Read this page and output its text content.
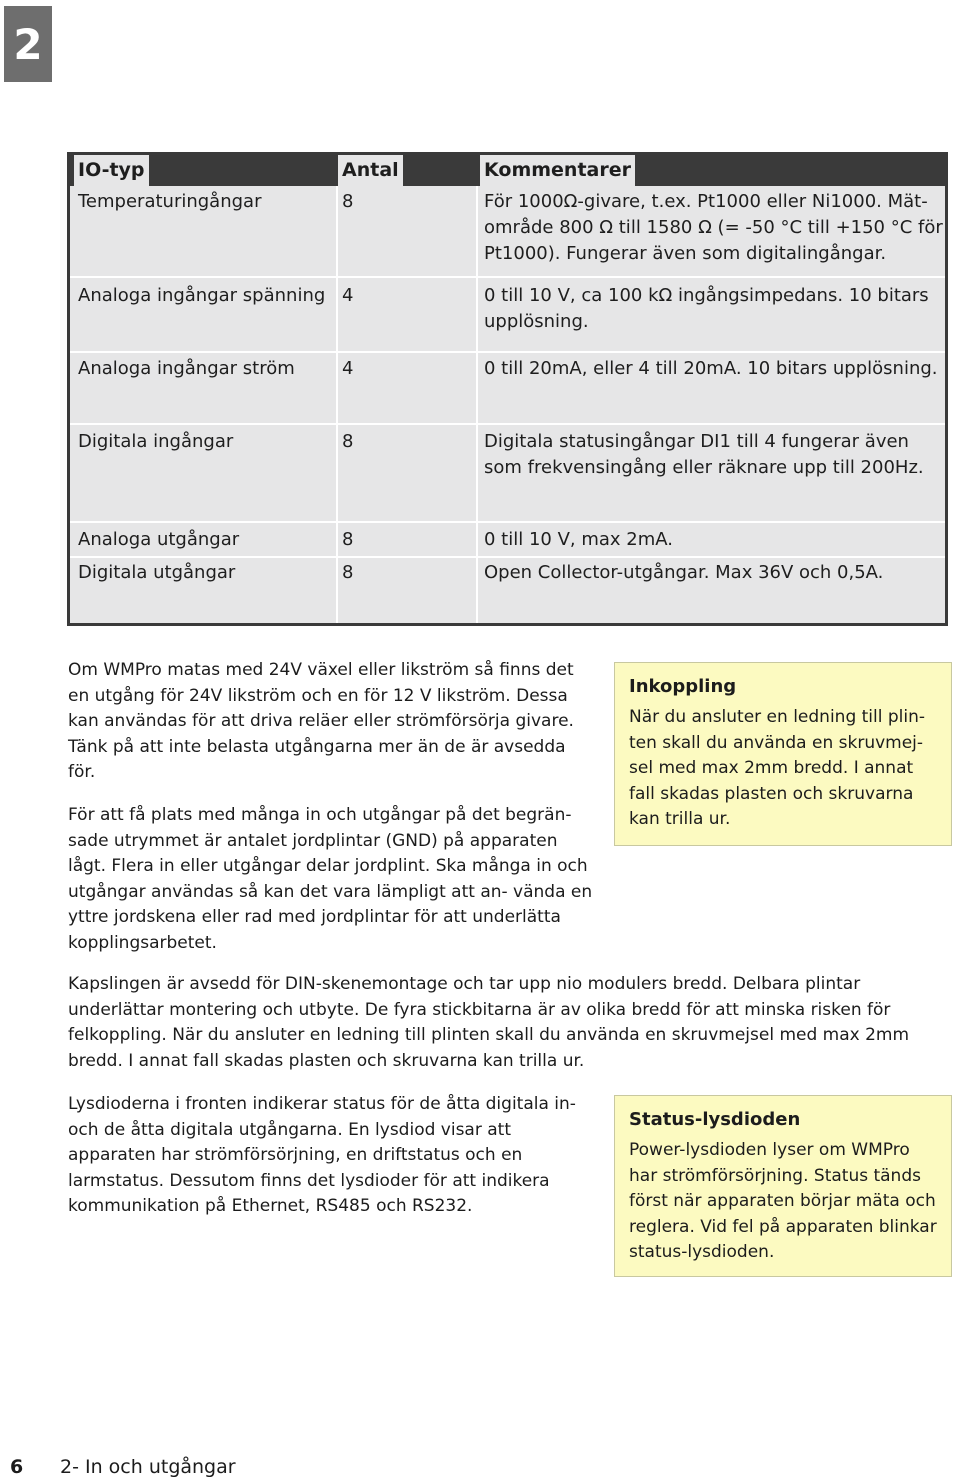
2
IO-typ	Antal	Kommentarer
Temperaturingångar	8	För 1000Ω-givare, t.ex. Pt1000 eller Ni1000. Mät- område 800 Ω till 1580 Ω (= -50 °C till +150 °C för Pt1000). Fungerar även som digitalingångar.
Analoga ingångar spänning 4	0 till 10 V, ca 100 kΩ ingångsimpedans. 10 bitars upplösning.
Analoga ingångar ström	4	0 till 20mA, eller 4 till 20mA. 10 bitars upplösning.
Digitala ingångar	8	Digitala statusingångar DI1 till 4 fungerar även som frekvensingång eller räknare upp till 200Hz.
Analoga utgångar	8	0 till 10 V, max 2mA.
Digitala utgångar	8	Open Collector-utgångar. Max 36V och 0,5A.

Om WMPro matas med 24V växel eller likström så finns det en utgång för 24V likström och en för 12 V likström. Dessa kan användas för att driva reläer eller strömförsörja givare. Tänk på att inte belasta utgångarna mer än de är avsedda för.

För att få plats med många in och utgångar på det begrän- sade utrymmet är antalet jordplintar (GND) på apparaten lågt. Flera in eller utgångar delar jordplint. Ska många in och utgångar användas så kan det vara lämpligt att an- vända en yttre jordskena eller rad med jordplintar för att underlätta kopplingsarbetet.

Inkoppling

När du ansluter en ledning till plin- ten skall du använda en skruvmej- sel med max 2mm bredd. I annat fall skadas plasten och skruvarna kan trilla ur.

Kapslingen är avsedd för DIN-skenemontage och tar upp nio modulers bredd. Delbara plintar underlättar montering och utbyte. De fyra stickbitarna är av olika bredd för att minska risken för felkoppling. När du ansluter en ledning till plinten skall du använda en skruvmejsel med max 2mm bredd. I annat fall skadas plasten och skruvarna kan trilla ur.

Lysdioderna i fronten indikerar status för de åtta digitala in- och de åtta digitala utgångarna. En lysdiod visar att apparaten har strömförsörjning, en driftstatus och en larmstatus. Dessutom finns det lysdioder för att indikera kommunikation på Ethernet, RS485 och RS232.

Status-lysdioden

Power-lysdioden lyser om WMPro har strömförsörjning. Status tänds först när apparaten börjar mäta och reglera. Vid fel på apparaten blinkar status-lysdioden.

6 2- In och utgångar
